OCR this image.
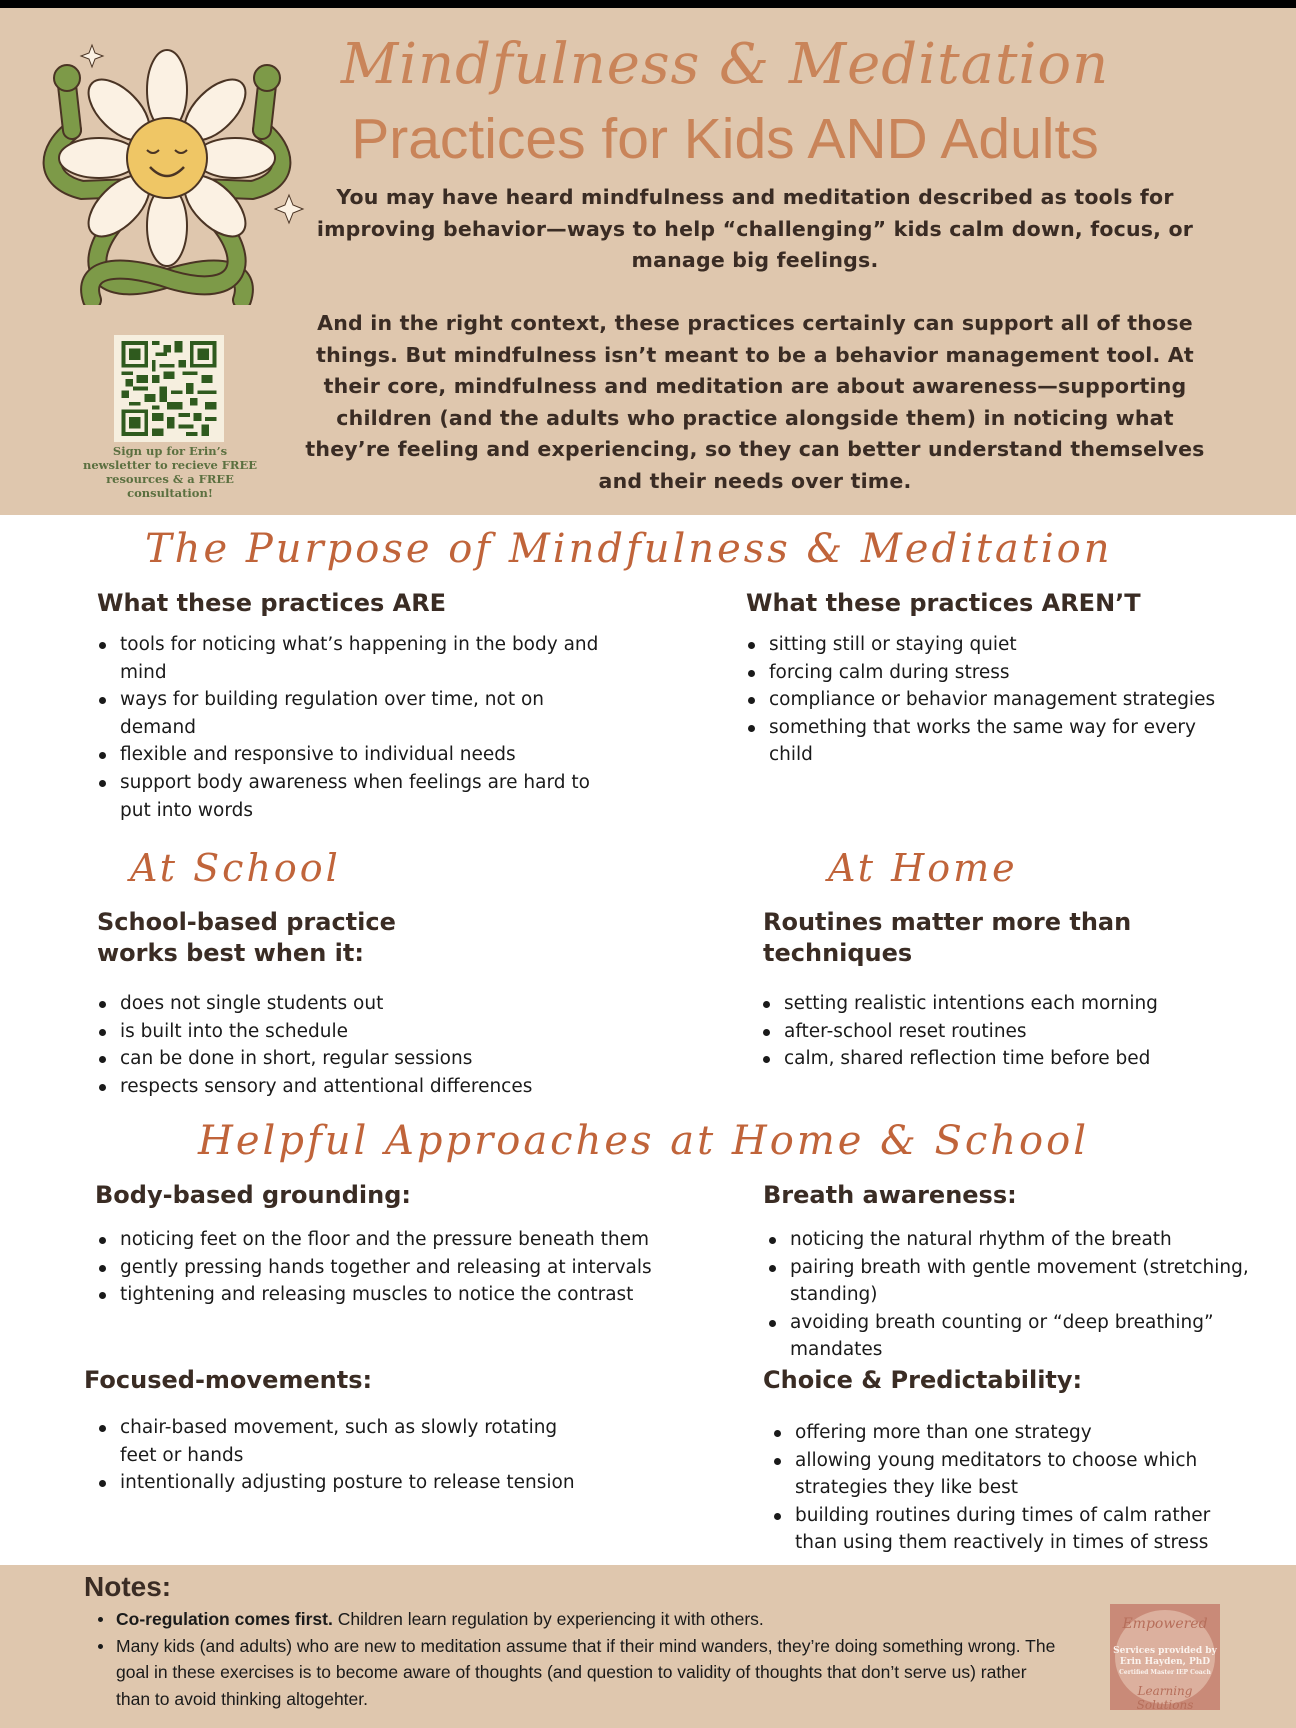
Mindfulness & Meditation
Practices for Kids AND Adults

You may have heard mindfulness and meditation described as tools for improving behavior—ways to help “challenging” kids calm down, focus, or manage big feelings.

And in the right context, these practices certainly can support all of those things. But mindfulness isn’t meant to be a behavior management tool. At their core, mindfulness and meditation are about awareness—supporting children (and the adults who practice alongside them) in noticing what they’re feeling and experiencing, so they can better understand themselves and their needs over time.

Sign up for Erin’s newsletter to recieve FREE resources & a FREE consultation!
The Purpose of Mindfulness & Meditation
What these practices ARE
tools for noticing what’s happening in the body and mind
ways for building regulation over time, not on demand
flexible and responsive to individual needs
support body awareness when feelings are hard to put into words
What these practices AREN’T
sitting still or staying quiet
forcing calm during stress
compliance or behavior management strategies
something that works the same way for every child
At School
School-based practice works best when it:
does not single students out
is built into the schedule
can be done in short, regular sessions
respects sensory and attentional differences
At Home
Routines matter more than techniques
setting realistic intentions each morning
after-school reset routines
calm, shared reflection time before bed
Helpful Approaches at Home & School
Body-based grounding:
noticing feet on the floor and the pressure beneath them
gently pressing hands together and releasing at intervals
tightening and releasing muscles to notice the contrast
Breath awareness:
noticing the natural rhythm of the breath
pairing breath with gentle movement (stretching, standing)
avoiding breath counting or “deep breathing” mandates
Focused-movements:
chair-based movement, such as slowly rotating feet or hands
intentionally adjusting posture to release tension
Choice & Predictability:
offering more than one strategy
allowing young meditators to choose which strategies they like best
building routines during times of calm rather than using them reactively in times of stress
Notes:
Co-regulation comes first. Children learn regulation by experiencing it with others.
Many kids (and adults) who are new to meditation assume that if their mind wanders, they’re doing something wrong. The goal in these exercises is to become aware of thoughts (and question to validity of thoughts that don’t serve us) rather than to avoid thinking altogehter.
Empowered
Services provided by
Erin Hayden, PhD
Certified Master IEP Coach
Learning Solutions
